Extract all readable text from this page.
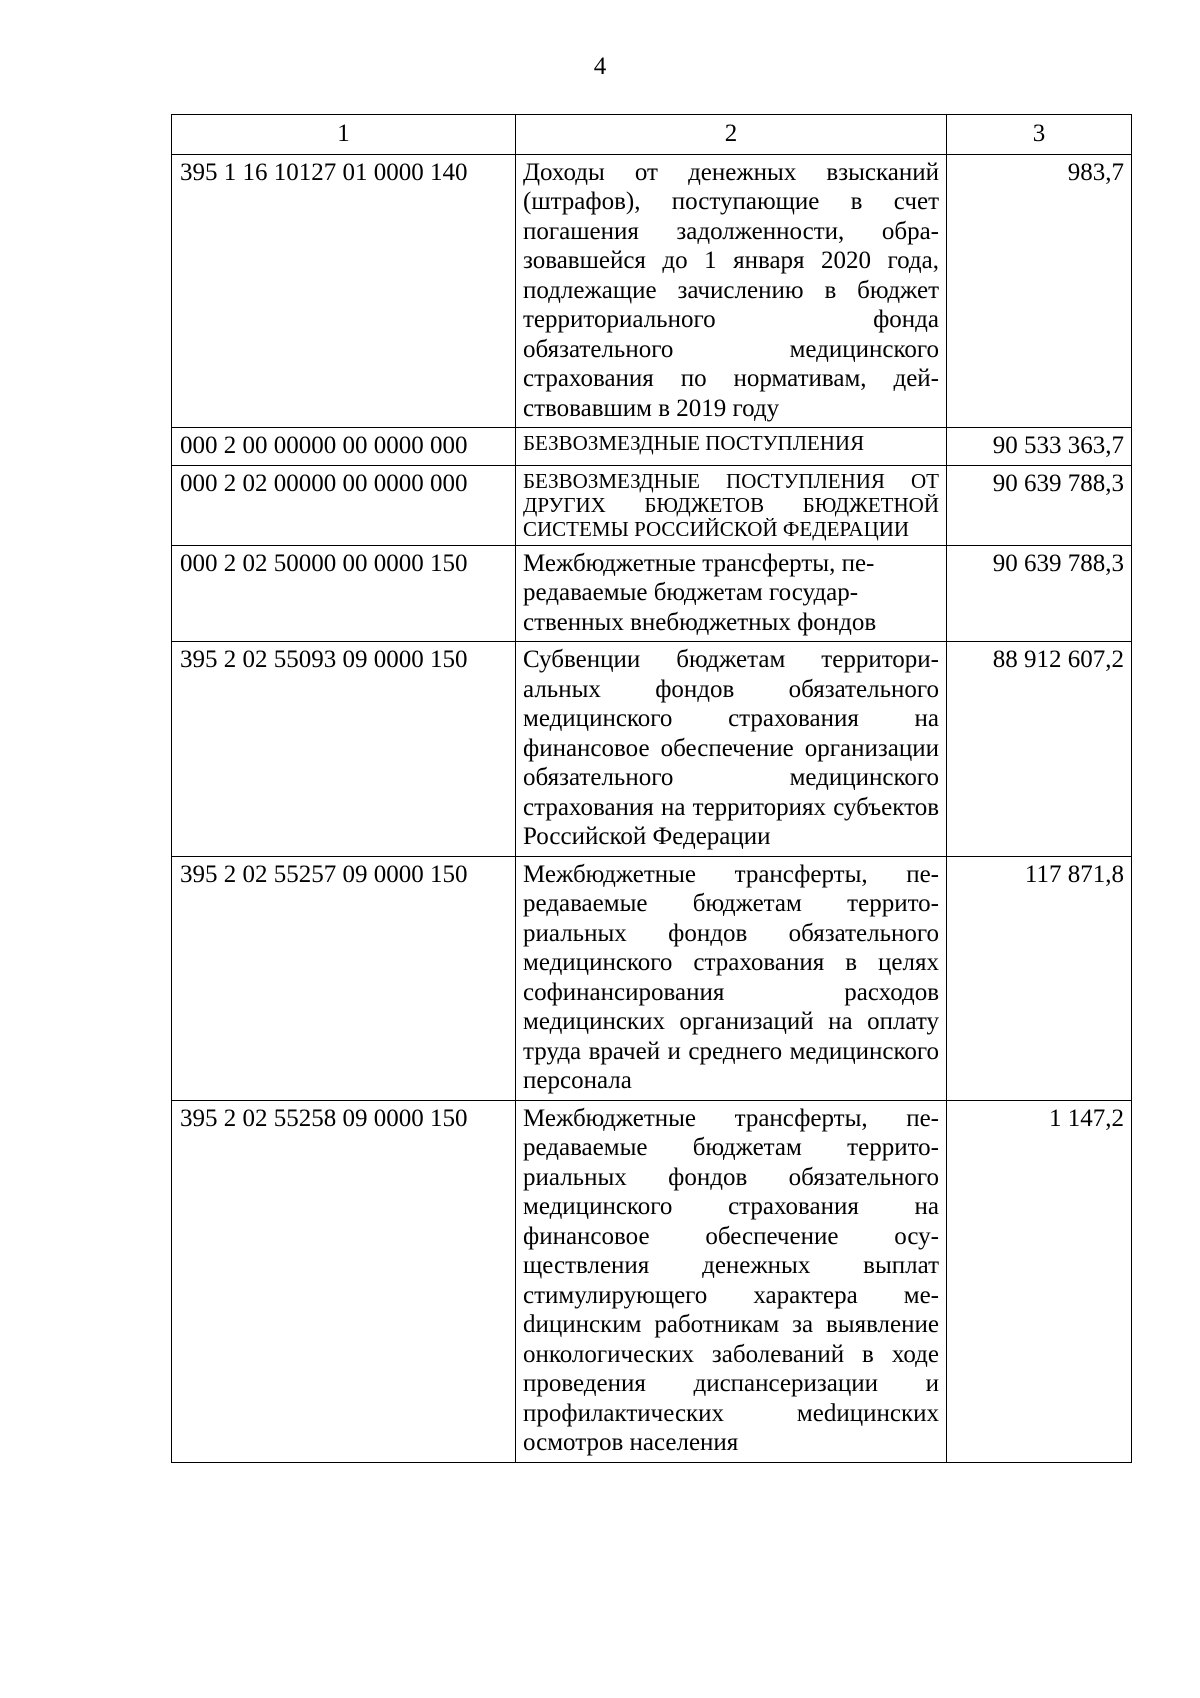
4
1	2	3
395 1 16 10127 01 0000 140	Доходы от денежных взысканий (штрафов), поступающие в счет погашения задолженности, образовавшейся до 1 января 2020 года, подлежащие зачислению в бюджет территориального фонда обязательного медицинского страхования по нормативам, действовавшим в 2019 году	983,7
000 2 00 00000 00 0000 000	БЕЗВОЗМЕЗДНЫЕ ПОСТУПЛЕНИЯ	90 533 363,7
000 2 02 00000 00 0000 000	БЕЗВОЗМЕЗДНЫЕ ПОСТУПЛЕНИЯ ОТ ДРУГИХ БЮДЖЕТОВ БЮДЖЕТНОЙ СИСТЕМЫ РОССИЙСКОЙ ФЕДЕРАЦИИ	90 639 788,3
000 2 02 50000 00 0000 150	Межбюджетные трансферты, передаваемые бюджетам государственных внебюджетных фондов	90 639 788,3
395 2 02 55093 09 0000 150	Субвенции бюджетам территориальных фондов обязательного медицинского страхования на финансовое обеспечение организации обязательного медицинского страхования на территориях субъектов Российской Федерации	88 912 607,2
395 2 02 55257 09 0000 150	Межбюджетные трансферты, передаваемые бюджетам территориальных фондов обязательного медицинского страхования в целях софинансирования расходов медицинских организаций на оплату труда врачей и среднего медицинского персонала	117 871,8
395 2 02 55258 09 0000 150	Межбюджетные трансферты, передаваемые бюджетам территориальных фондов обязательного медицинского страхования на финансовое обеспечение осуществления денежных выплат стимулирующего характера меdицинским работникам за выявление онкологических заболеваний в ходе проведения диспансеризации и профилактических меdицинских осмотров населения	1 147,2
